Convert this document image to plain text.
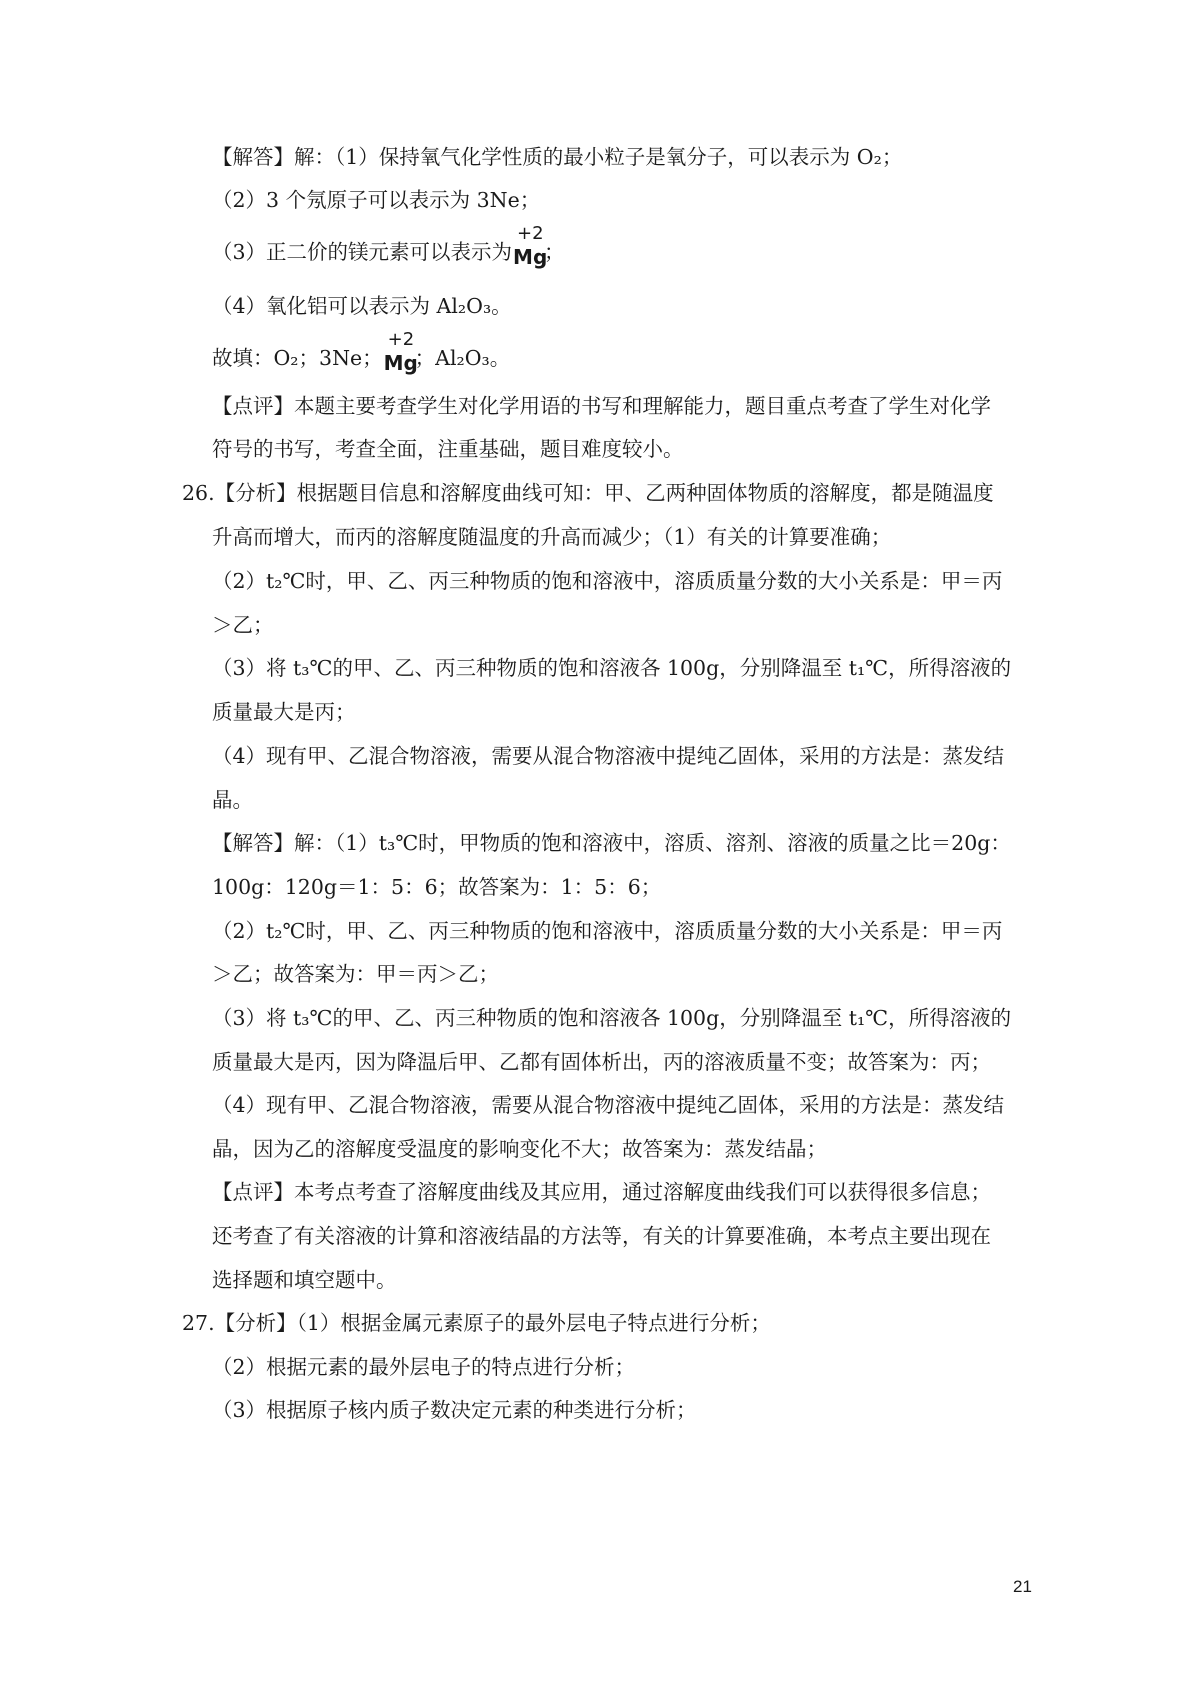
【解答】解：（1）保持氧气化学性质的最小粒子是氧分子，可以表示为 O₂；
（2）3 个氖原子可以表示为 3Ne；
（3）正二价的镁元素可以表示为
+2
Mg
；
（4）氧化铝可以表示为 Al₂O₃。
故填：O₂；3Ne；
+2
Mg
；Al₂O₃。
【点评】本题主要考查学生对化学用语的书写和理解能力，题目重点考查了学生对化学
符号的书写，考查全面，注重基础，题目难度较小。
26.【分析】根据题目信息和溶解度曲线可知：甲、乙两种固体物质的溶解度，都是随温度
升高而增大，而丙的溶解度随温度的升高而减少；（1）有关的计算要准确；
（2）t₂℃时，甲、乙、丙三种物质的饱和溶液中，溶质质量分数的大小关系是：甲＝丙
＞乙；
（3）将 t₃℃的甲、乙、丙三种物质的饱和溶液各 100g，分别降温至 t₁℃，所得溶液的
质量最大是丙；
（4）现有甲、乙混合物溶液，需要从混合物溶液中提纯乙固体，采用的方法是：蒸发结
晶。
【解答】解：（1）t₃℃时，甲物质的饱和溶液中，溶质、溶剂、溶液的质量之比＝20g：
100g：120g＝1：5：6；故答案为：1：5：6；
（2）t₂℃时，甲、乙、丙三种物质的饱和溶液中，溶质质量分数的大小关系是：甲＝丙
＞乙；故答案为：甲＝丙＞乙；
（3）将 t₃℃的甲、乙、丙三种物质的饱和溶液各 100g，分别降温至 t₁℃，所得溶液的
质量最大是丙，因为降温后甲、乙都有固体析出，丙的溶液质量不变；故答案为：丙；
（4）现有甲、乙混合物溶液，需要从混合物溶液中提纯乙固体，采用的方法是：蒸发结
晶，因为乙的溶解度受温度的影响变化不大；故答案为：蒸发结晶；
【点评】本考点考查了溶解度曲线及其应用，通过溶解度曲线我们可以获得很多信息；
还考查了有关溶液的计算和溶液结晶的方法等，有关的计算要准确，本考点主要出现在
选择题和填空题中。
27.【分析】（1）根据金属元素原子的最外层电子特点进行分析；
（2）根据元素的最外层电子的特点进行分析；
（3）根据原子核内质子数决定元素的种类进行分析；
21
